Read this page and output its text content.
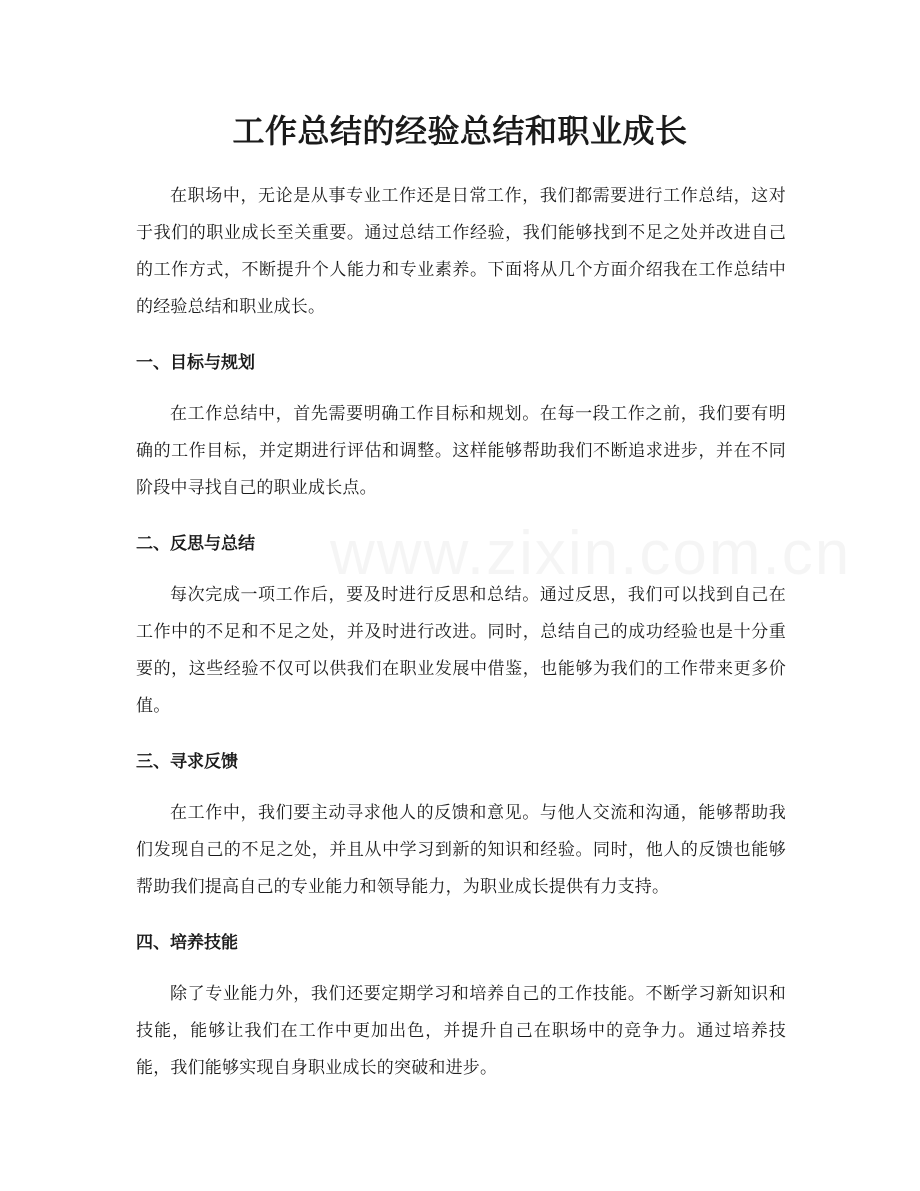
工作总结的经验总结和职业成长

在职场中，无论是从事专业工作还是日常工作，我们都需要进行工作总结，这对于我们的职业成长至关重要。通过总结工作经验，我们能够找到不足之处并改进自己的工作方式，不断提升个人能力和专业素养。下面将从几个方面介绍我在工作总结中的经验总结和职业成长。

一、目标与规划

在工作总结中，首先需要明确工作目标和规划。在每一段工作之前，我们要有明确的工作目标，并定期进行评估和调整。这样能够帮助我们不断追求进步，并在不同阶段中寻找自己的职业成长点。

二、反思与总结

每次完成一项工作后，要及时进行反思和总结。通过反思，我们可以找到自己在工作中的不足和不足之处，并及时进行改进。同时，总结自己的成功经验也是十分重要的，这些经验不仅可以供我们在职业发展中借鉴，也能够为我们的工作带来更多价值。

三、寻求反馈

在工作中，我们要主动寻求他人的反馈和意见。与他人交流和沟通，能够帮助我们发现自己的不足之处，并且从中学习到新的知识和经验。同时，他人的反馈也能够帮助我们提高自己的专业能力和领导能力，为职业成长提供有力支持。

四、培养技能

除了专业能力外，我们还要定期学习和培养自己的工作技能。不断学习新知识和技能，能够让我们在工作中更加出色，并提升自己在职场中的竞争力。通过培养技能，我们能够实现自身职业成长的突破和进步。
